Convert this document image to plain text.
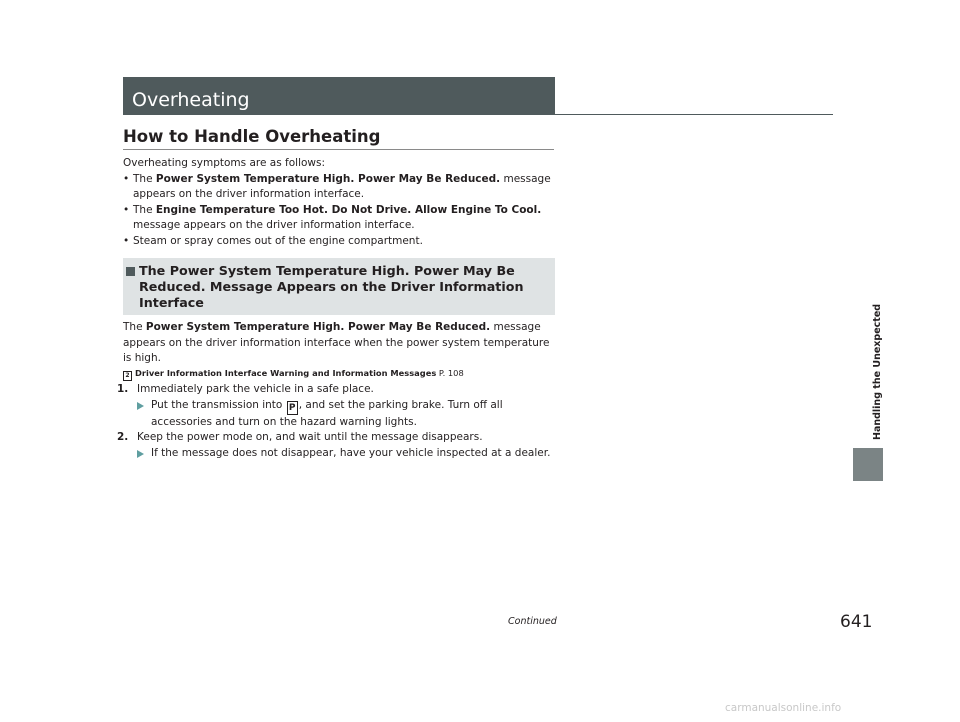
Overheating
How to Handle Overheating

Overheating symptoms are as follows:

• The Power System Temperature High. Power May Be Reduced. message appears on the driver information interface.
• The Engine Temperature Too Hot. Do Not Drive. Allow Engine To Cool. message appears on the driver information interface.
• Steam or spray comes out of the engine compartment.
The Power System Temperature High. Power May Be Reduced. Message Appears on the Driver Information Interface

The Power System Temperature High. Power May Be Reduced. message appears on the driver information interface when the power system temperature is high.

2 Driver Information Interface Warning and Information Messages P. 108
1. Immediately park the vehicle in a safe place.
Put the transmission into P , and set the parking brake. Turn off all accessories and turn on the hazard warning lights.
2. Keep the power mode on, and wait until the message disappears.
If the message does not disappear, have your vehicle inspected at a dealer.
Handling the Unexpected
Continued	641
carmanualsonline.info
